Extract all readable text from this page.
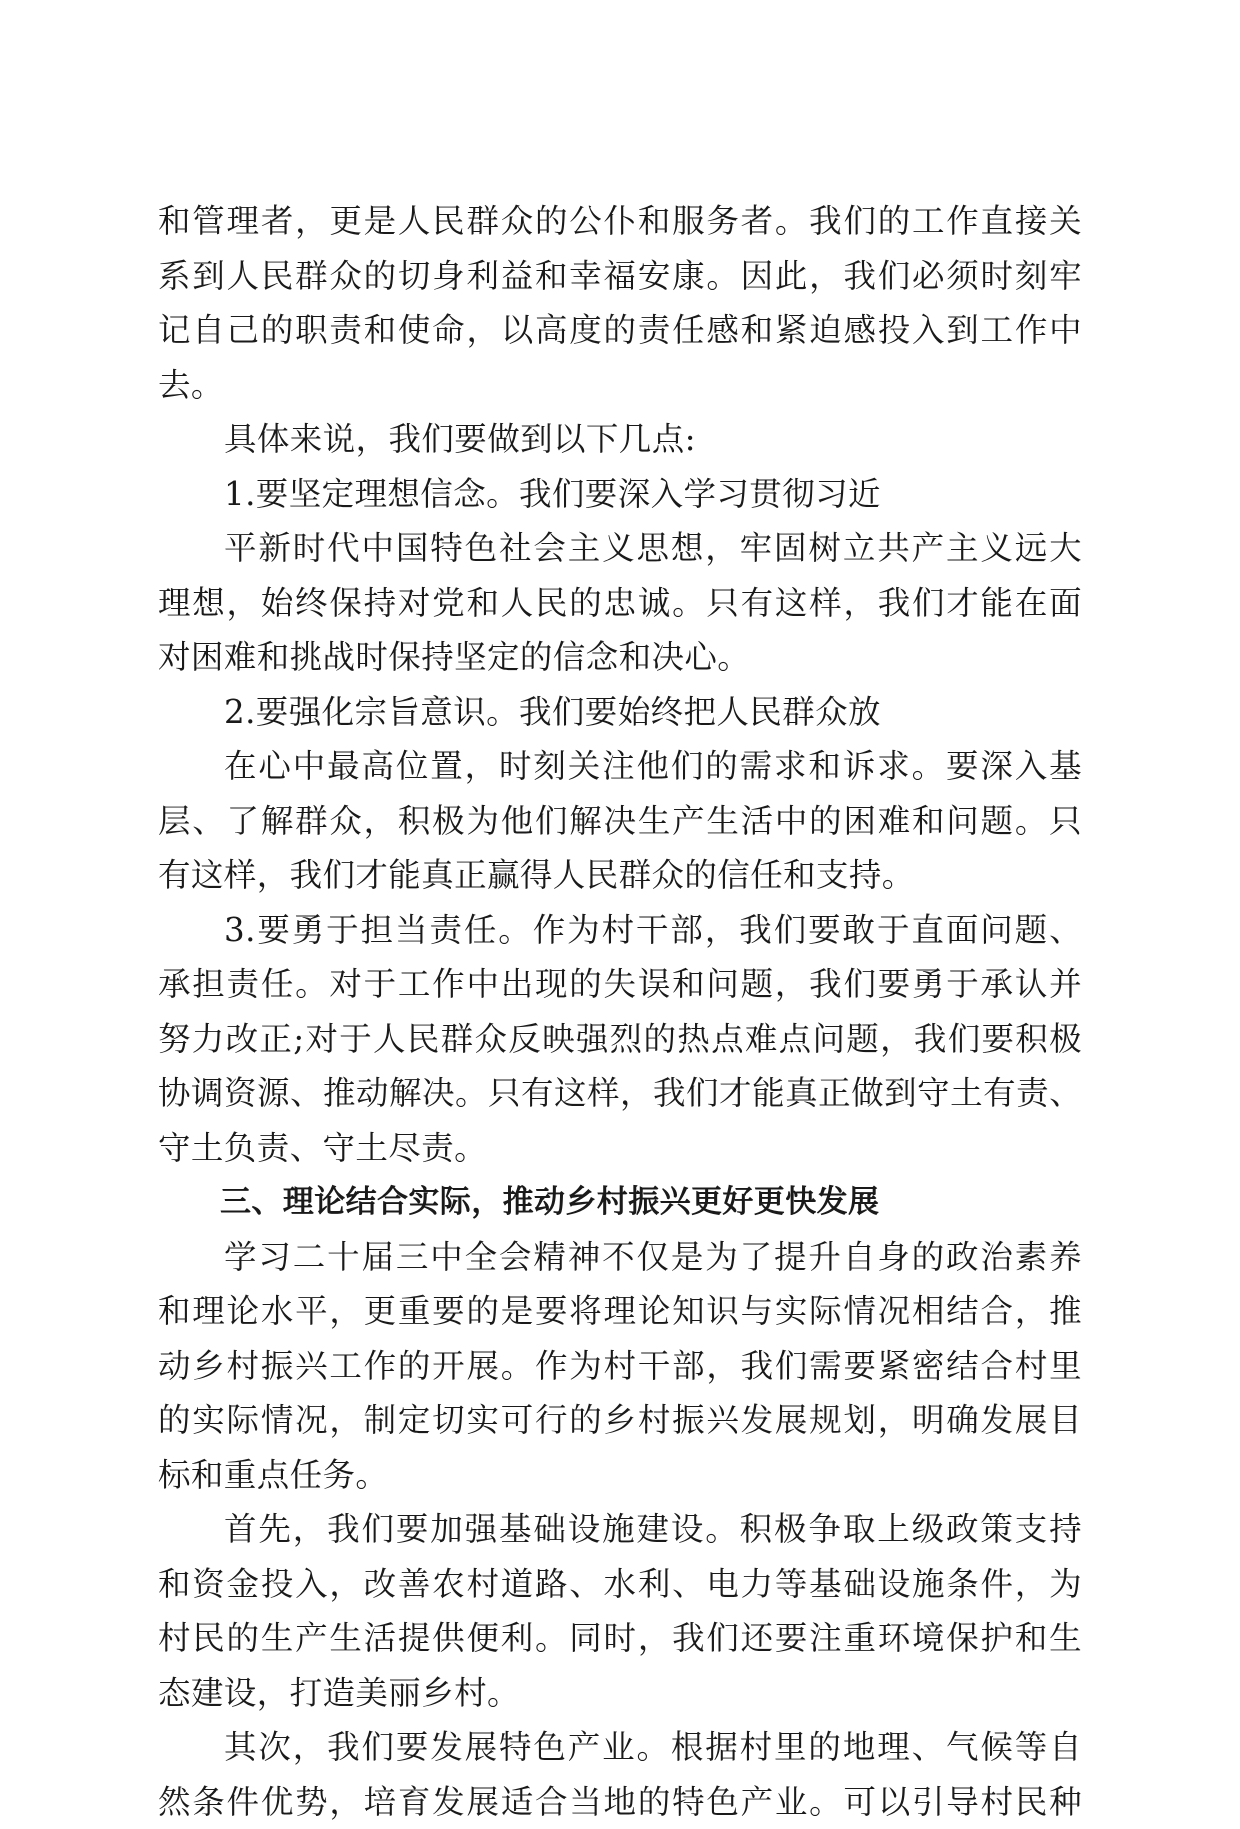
和管理者，更是人民群众的公仆和服务者。我们的工作直接关
系到人民群众的切身利益和幸福安康。因此，我们必须时刻牢
记自己的职责和使命，以高度的责任感和紧迫感投入到工作中
去。
具体来说，我们要做到以下几点:
1.要坚定理想信念。我们要深入学习贯彻习近
平新时代中国特色社会主义思想，牢固树立共产主义远大
理想，始终保持对党和人民的忠诚。只有这样，我们才能在面
对困难和挑战时保持坚定的信念和决心。
2.要强化宗旨意识。我们要始终把人民群众放
在心中最高位置，时刻关注他们的需求和诉求。要深入基
层、了解群众，积极为他们解决生产生活中的困难和问题。只
有这样，我们才能真正赢得人民群众的信任和支持。
3.要勇于担当责任。作为村干部，我们要敢于直面问题、
承担责任。对于工作中出现的失误和问题，我们要勇于承认并
努力改正;对于人民群众反映强烈的热点难点问题，我们要积极
协调资源、推动解决。只有这样，我们才能真正做到守土有责、
守土负责、守土尽责。
三、理论结合实际，推动乡村振兴更好更快发展
学习二十届三中全会精神不仅是为了提升自身的政治素养
和理论水平，更重要的是要将理论知识与实际情况相结合，推
动乡村振兴工作的开展。作为村干部，我们需要紧密结合村里
的实际情况，制定切实可行的乡村振兴发展规划，明确发展目
标和重点任务。
首先，我们要加强基础设施建设。积极争取上级政策支持
和资金投入，改善农村道路、水利、电力等基础设施条件，为
村民的生产生活提供便利。同时，我们还要注重环境保护和生
态建设，打造美丽乡村。
其次，我们要发展特色产业。根据村里的地理、气候等自
然条件优势，培育发展适合当地的特色产业。可以引导村民种
